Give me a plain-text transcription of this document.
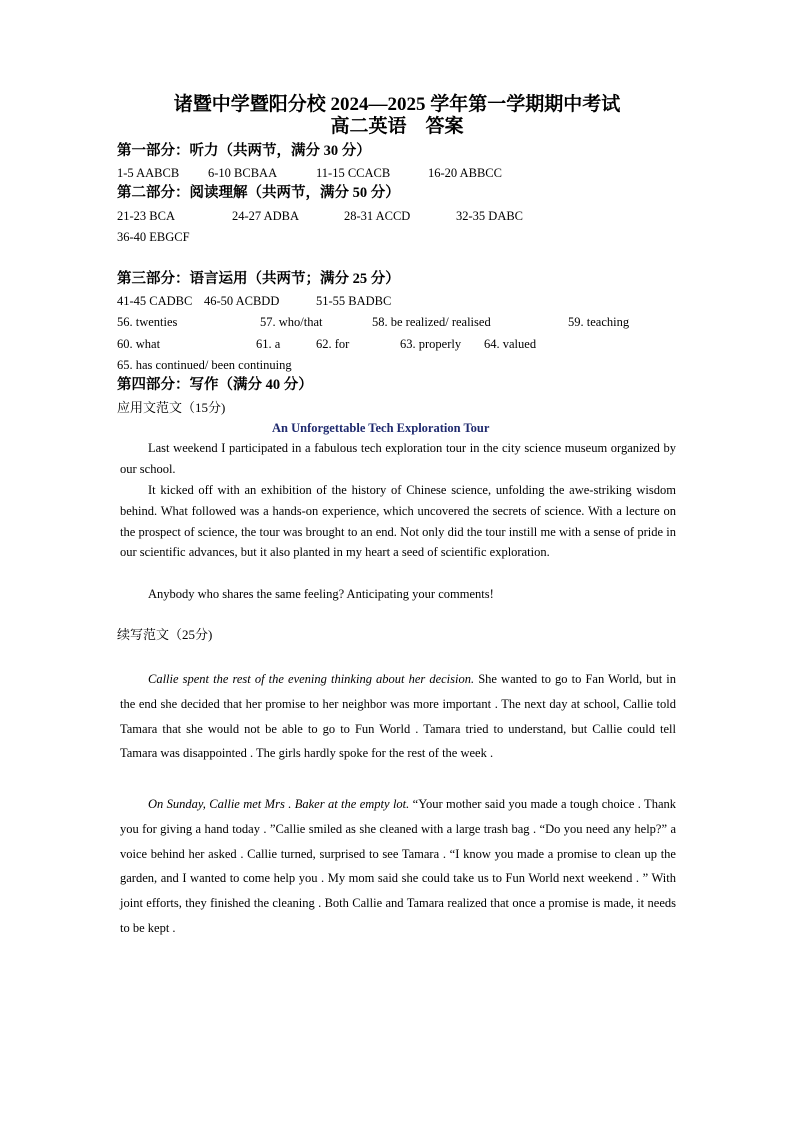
诸暨中学暨阳分校 2024—2025 学年第一学期期中考试
高二英语　答案
第一部分：听力（共两节，满分 30 分）
1-5 AABCB 6-10 BCBAA	11-15 CCACB	16-20 ABBCC
第二部分：阅读理解（共两节，满分 50 分）
21-23 BCA	24-27 ADBA	28-31 ACCD	32-35 DABC
36-40 EBGCF
第三部分：语言运用（共两节；满分 25 分）
41-45 CADBC 46-50 ACBDD	51-55 BADBC
56. twenties	57. who/that	58. be realized/ realised	59. teaching
60. what	61. a	62. for	63. properly 64. valued
65. has continued/ been continuing
第四部分：写作（满分 40 分）
应用文范文（15分)
An Unforgettable Tech Exploration Tour

Last weekend I participated in a fabulous tech exploration tour in the city science museum organized by our school.

It kicked off with an exhibition of the history of Chinese science, unfolding the awe-striking wisdom behind. What followed was a hands-on experience, which uncovered the secrets of science. With a lecture on the prospect of science, the tour was brought to an end. Not only did the tour instill me with a sense of pride in our scientific advances, but it also planted in my heart a seed of scientific exploration.

Anybody who shares the same feeling? Anticipating your comments!

续写范文（25分)

Callie spent the rest of the evening thinking about her decision. She wanted to go to Fan World, but in the end she decided that her promise to her neighbor was more important . The next day at school, Callie told Tamara that she would not be able to go to Fun World . Tamara tried to understand, but Callie could tell Tamara was disappointed . The girls hardly spoke for the rest of the week .

On Sunday, Callie met Mrs . Baker at the empty lot. “Your mother said you made a tough choice . Thank you for giving a hand today . ”Callie smiled as she cleaned with a large trash bag . “Do you need any help?” a voice behind her asked . Callie turned, surprised to see Tamara . “I know you made a promise to clean up the garden, and I wanted to come help you . My mom said she could take us to Fun World next weekend . ” With joint efforts, they finished the cleaning . Both Callie and Tamara realized that once a promise is made, it needs to be kept .
